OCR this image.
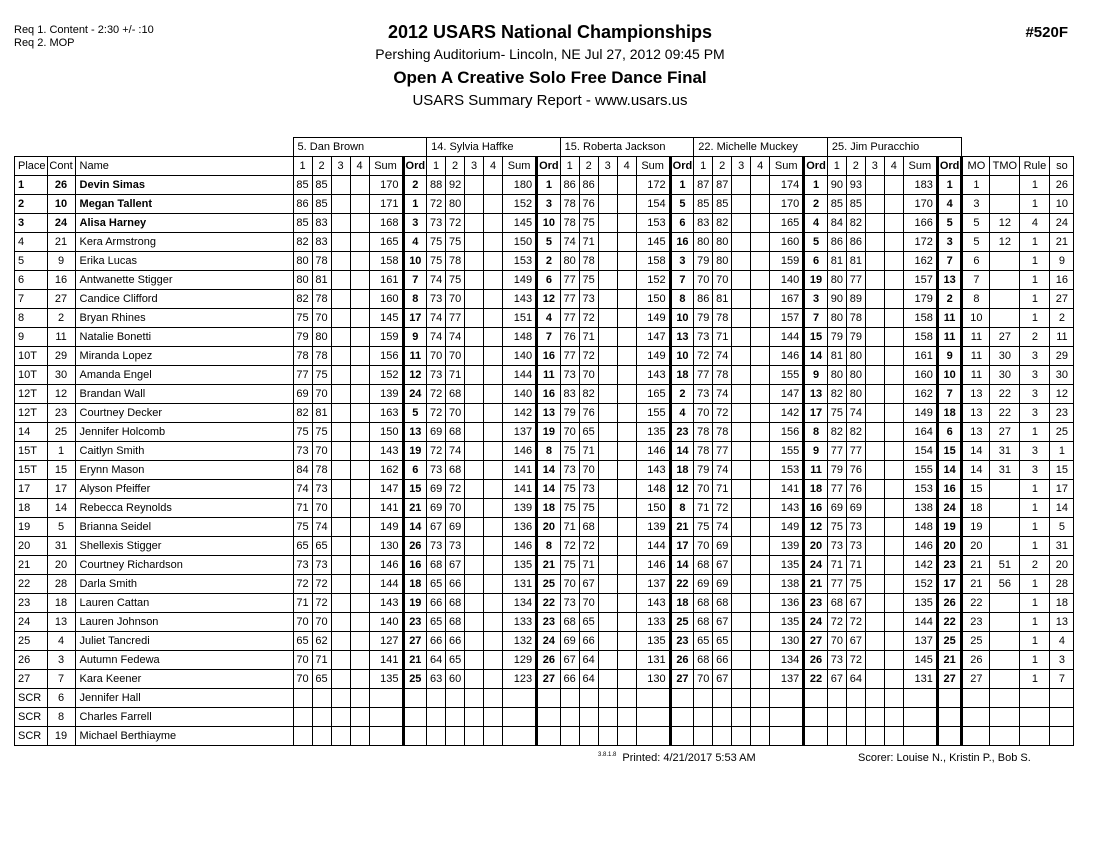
Req 1. Content - 2:30 +/- :10
Req 2. MOP
#520F
2012 USARS National Championships
Pershing Auditorium- Lincoln, NE Jul 27, 2012 09:45 PM
Open A Creative Solo Free Dance Final
USARS Summary Report - www.usars.us
			5. Dan Brown						14. Sylvia Haffke						15. Roberta Jackson						22. Michelle Muckey						25. Jim Puracchio									
Place	Cont	Name	1	2	3	4	Sum	Ord	1	2	3	4	Sum	Ord	1	2	3	4	Sum	Ord	1	2	3	4	Sum	Ord	1	2	3	4	Sum	Ord	MO	TMO	Rule	so
1	26	Devin Simas	85	85			170	2	88	92			180	1	86	86			172	1	87	87			174	1	90	93			183	1	1		1	26
2	10	Megan Tallent	86	85			171	1	72	80			152	3	78	76			154	5	85	85			170	2	85	85			170	4	3		1	10
3	24	Alisa Harney	85	83			168	3	73	72			145	10	78	75			153	6	83	82			165	4	84	82			166	5	5	12	4	24
4	21	Kera Armstrong	82	83			165	4	75	75			150	5	74	71			145	16	80	80			160	5	86	86			172	3	5	12	1	21
5	9	Erika Lucas	80	78			158	10	75	78			153	2	80	78			158	3	79	80			159	6	81	81			162	7	6		1	9
6	16	Antwanette Stigger	80	81			161	7	74	75			149	6	77	75			152	7	70	70			140	19	80	77			157	13	7		1	16
7	27	Candice Clifford	82	78			160	8	73	70			143	12	77	73			150	8	86	81			167	3	90	89			179	2	8		1	27
8	2	Bryan Rhines	75	70			145	17	74	77			151	4	77	72			149	10	79	78			157	7	80	78			158	11	10		1	2
9	11	Natalie Bonetti	79	80			159	9	74	74			148	7	76	71			147	13	73	71			144	15	79	79			158	11	11	27	2	11
10T	29	Miranda Lopez	78	78			156	11	70	70			140	16	77	72			149	10	72	74			146	14	81	80			161	9	11	30	3	29
10T	30	Amanda Engel	77	75			152	12	73	71			144	11	73	70			143	18	77	78			155	9	80	80			160	10	11	30	3	30
12T	12	Brandan Wall	69	70			139	24	72	68			140	16	83	82			165	2	73	74			147	13	82	80			162	7	13	22	3	12
12T	23	Courtney Decker	82	81			163	5	72	70			142	13	79	76			155	4	70	72			142	17	75	74			149	18	13	22	3	23
14	25	Jennifer Holcomb	75	75			150	13	69	68			137	19	70	65			135	23	78	78			156	8	82	82			164	6	13	27	1	25
15T	1	Caitlyn Smith	73	70			143	19	72	74			146	8	75	71			146	14	78	77			155	9	77	77			154	15	14	31	3	1
15T	15	Erynn Mason	84	78			162	6	73	68			141	14	73	70			143	18	79	74			153	11	79	76			155	14	14	31	3	15
17	17	Alyson Pfeiffer	74	73			147	15	69	72			141	14	75	73			148	12	70	71			141	18	77	76			153	16	15		1	17
18	14	Rebecca Reynolds	71	70			141	21	69	70			139	18	75	75			150	8	71	72			143	16	69	69			138	24	18		1	14
19	5	Brianna Seidel	75	74			149	14	67	69			136	20	71	68			139	21	75	74			149	12	75	73			148	19	19		1	5
20	31	Shellexis Stigger	65	65			130	26	73	73			146	8	72	72			144	17	70	69			139	20	73	73			146	20	20		1	31
21	20	Courtney Richardson	73	73			146	16	68	67			135	21	75	71			146	14	68	67			135	24	71	71			142	23	21	51	2	20
22	28	Darla Smith	72	72			144	18	65	66			131	25	70	67			137	22	69	69			138	21	77	75			152	17	21	56	1	28
23	18	Lauren Cattan	71	72			143	19	66	68			134	22	73	70			143	18	68	68			136	23	68	67			135	26	22		1	18
24	13	Lauren Johnson	70	70			140	23	65	68			133	23	68	65			133	25	68	67			135	24	72	72			144	22	23		1	13
25	4	Juliet Tancredi	65	62			127	27	66	66			132	24	69	66			135	23	65	65			130	27	70	67			137	25	25		1	4
26	3	Autumn Fedewa	70	71			141	21	64	65			129	26	67	64			131	26	68	66			134	26	73	72			145	21	26		1	3
27	7	Kara Keener	70	65			135	25	63	60			123	27	66	64			130	27	70	67			137	22	67	64			131	27	27		1	7
SCR	6	Jennifer Hall																																		
SCR	8	Charles Farrell																																		
SCR	19	Michael Berthiayme																																		
$^{3.8.1.8}$ Printed: 4/21/2017 5:53 AM	Scorer: Louise N., Kristin P., Bob S.
